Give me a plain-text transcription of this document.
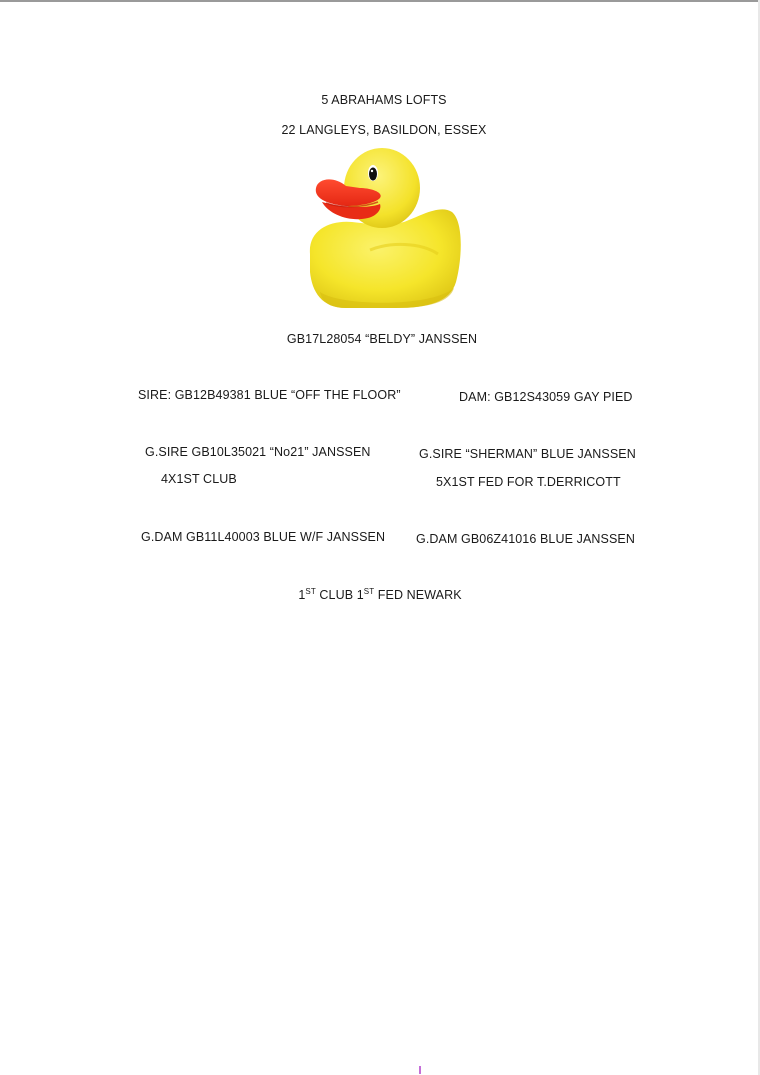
5 ABRAHAMS LOFTS
22 LANGLEYS, BASILDON, ESSEX
GB17L28054 “BELDY” JANSSEN
SIRE: GB12B49381 BLUE “OFF THE FLOOR”	DAM: GB12S43059 GAY PIED
G.SIRE GB10L35021 “No21” JANSSEN	G.SIRE “SHERMAN” BLUE JANSSEN
4X1ST CLUB	5X1ST FED FOR T.DERRICOTT
G.DAM GB11L40003 BLUE W/F JANSSEN G.DAM GB06Z41016 BLUE JANSSEN
1ST CLUB 1ST FED NEWARK
